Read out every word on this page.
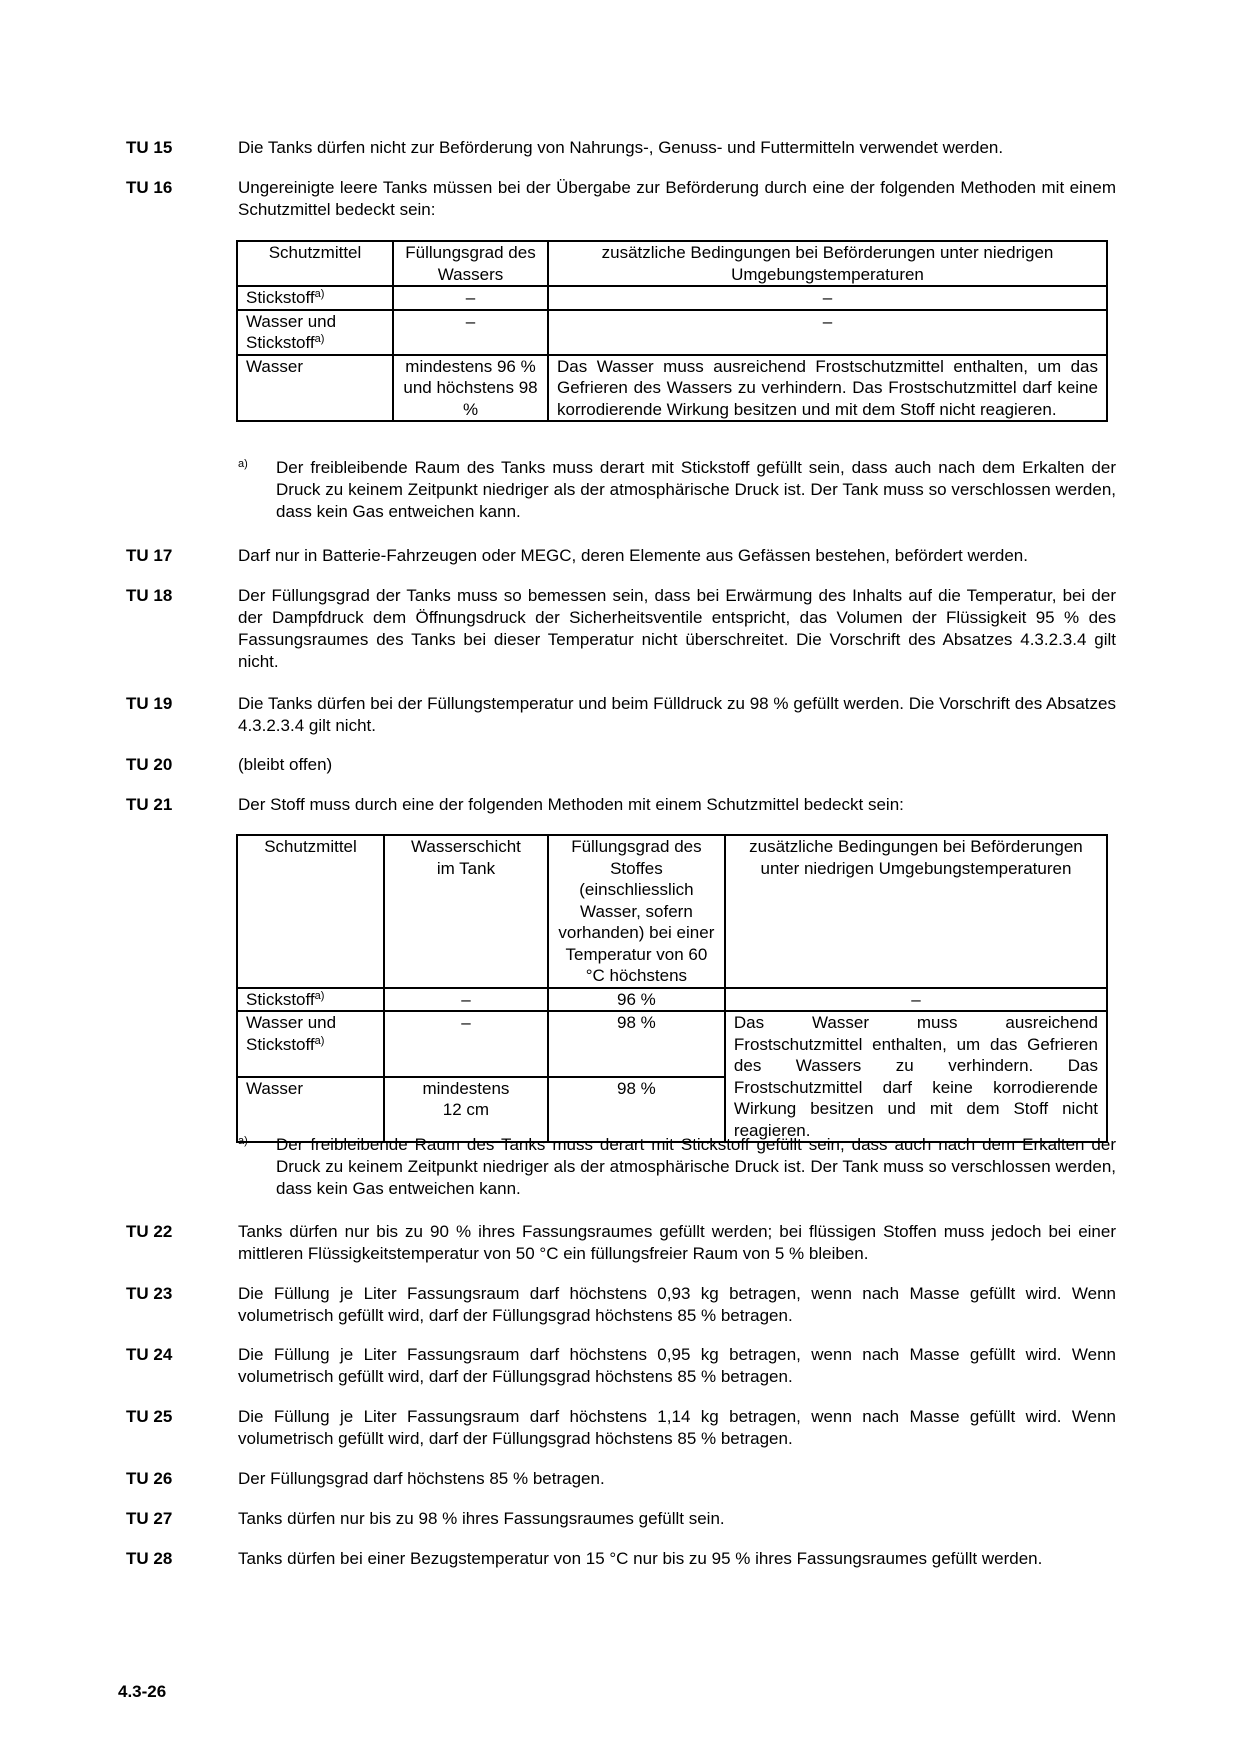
TU 15	Die Tanks dürfen nicht zur Beförderung von Nahrungs-, Genuss- und Futtermitteln verwendet werden.
TU 16	Ungereinigte leere Tanks müssen bei der Übergabe zur Beförderung durch eine der folgenden Methoden mit einem Schutzmittel bedeckt sein:
Schutzmittel	Füllungsgrad des Wassers	zusätzliche Bedingungen bei Beförderungen unter niedrigen Umgebungstemperaturen
Stickstoff$^{a)}$	–	–
Wasser und Stickstoff$^{a)}$	–	–
Wasser	mindestens 96 % und höchstens 98 %	Das Wasser muss ausreichend Frostschutzmittel enthalten, um das Gefrieren des Wassers zu verhindern. Das Frostschutzmittel darf keine korrodierende Wirkung besitzen und mit dem Stoff nicht reagieren.
a) Der freibleibende Raum des Tanks muss derart mit Stickstoff gefüllt sein, dass auch nach dem Erkalten der Druck zu keinem Zeitpunkt niedriger als der atmosphärische Druck ist. Der Tank muss so verschlossen werden, dass kein Gas entweichen kann.
TU 17	Darf nur in Batterie-Fahrzeugen oder MEGC, deren Elemente aus Gefässen bestehen, befördert werden.
TU 18	Der Füllungsgrad der Tanks muss so bemessen sein, dass bei Erwärmung des Inhalts auf die Temperatur, bei der der Dampfdruck dem Öffnungsdruck der Sicherheitsventile entspricht, das Volumen der Flüssigkeit 95 % des Fassungsraumes des Tanks bei dieser Temperatur nicht überschreitet. Die Vorschrift des Absatzes 4.3.2.3.4 gilt nicht.
TU 19	Die Tanks dürfen bei der Füllungstemperatur und beim Fülldruck zu 98 % gefüllt werden. Die Vorschrift des Absatzes 4.3.2.3.4 gilt nicht.
TU 20	(bleibt offen)
TU 21	Der Stoff muss durch eine der folgenden Methoden mit einem Schutzmittel bedeckt sein:
Schutzmittel	Wasserschicht im Tank	Füllungsgrad des Stoffes (einschliesslich Wasser, sofern vorhanden) bei einer Temperatur von 60 °C höchstens	zusätzliche Bedingungen bei Beförderungen unter niedrigen Umgebungstemperaturen
Stickstoff$^{a)}$	–	96 %	–
Wasser und Stickstoff$^{a)}$	–	98 %	Das Wasser muss ausreichend Frostschutzmittel enthalten, um das Gefrieren des Wassers zu verhindern. Das Frostschutzmittel darf keine korrodierende Wirkung besitzen und mit dem Stoff nicht reagieren.
Wasser	mindestens 12 cm	98 %	
a) Der freibleibende Raum des Tanks muss derart mit Stickstoff gefüllt sein, dass auch nach dem Erkalten der Druck zu keinem Zeitpunkt niedriger als der atmosphärische Druck ist. Der Tank muss so verschlossen werden, dass kein Gas entweichen kann.
TU 22	Tanks dürfen nur bis zu 90 % ihres Fassungsraumes gefüllt werden; bei flüssigen Stoffen muss jedoch bei einer mittleren Flüssigkeitstemperatur von 50 °C ein füllungsfreier Raum von 5 % bleiben.
TU 23	Die Füllung je Liter Fassungsraum darf höchstens 0,93 kg betragen, wenn nach Masse gefüllt wird. Wenn volumetrisch gefüllt wird, darf der Füllungsgrad höchstens 85 % betragen.
TU 24	Die Füllung je Liter Fassungsraum darf höchstens 0,95 kg betragen, wenn nach Masse gefüllt wird. Wenn volumetrisch gefüllt wird, darf der Füllungsgrad höchstens 85 % betragen.
TU 25	Die Füllung je Liter Fassungsraum darf höchstens 1,14 kg betragen, wenn nach Masse gefüllt wird. Wenn volumetrisch gefüllt wird, darf der Füllungsgrad höchstens 85 % betragen.
TU 26	Der Füllungsgrad darf höchstens 85 % betragen.
TU 27	Tanks dürfen nur bis zu 98 % ihres Fassungsraumes gefüllt sein.
TU 28	Tanks dürfen bei einer Bezugstemperatur von 15 °C nur bis zu 95 % ihres Fassungsraumes gefüllt werden.
4.3-26
